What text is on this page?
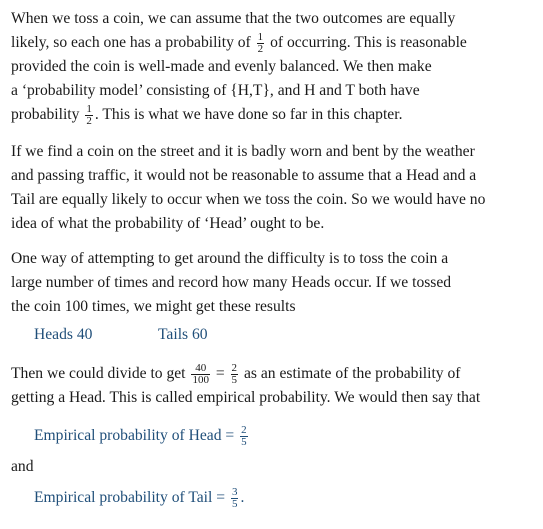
When we toss a coin, we can assume that the two outcomes are equally
likely, so each one has a probability of $\frac{1}{2}$ of occurring. This is reasonable
provided the coin is well-made and evenly balanced. We then make
a ‘probability model’ consisting of {H,T}, and H and T both have
probability $\frac{1}{2}$ . This is what we have done so far in this chapter.

If we find a coin on the street and it is badly worn and bent by the weather
and passing traffic, it would not be reasonable to assume that a Head and a
Tail are equally likely to occur when we toss the coin. So we would have no
idea of what the probability of ‘Head’ ought to be.

One way of attempting to get around the difficulty is to toss the coin a
large number of times and record how many Heads occur. If we tossed
the coin 100 times, we might get these results

Heads 40	Tails 60

Then we could divide to get $\frac{40}{100} = \frac{2}{5}$ as an estimate of the probability of
getting a Head. This is called empirical probability. We would then say that

Empirical probability of Head = $\frac{2}{5}$
and
Empirical probability of Tail = $\frac{3}{5}$ .
